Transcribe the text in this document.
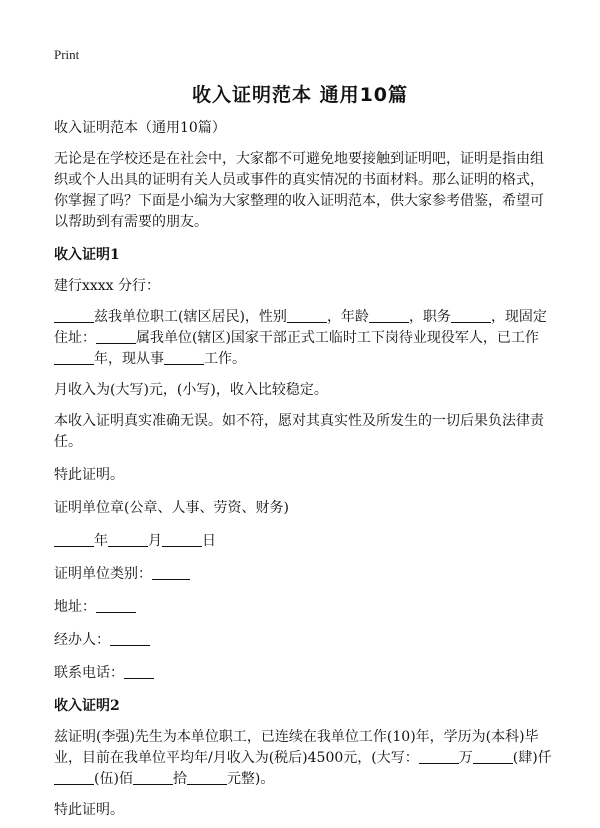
Print
收入证明范本 通用10篇

收入证明范本（通用10篇）

无论是在学校还是在社会中，大家都不可避免地要接触到证明吧，证明是指由组织或个人出具的证明有关人员或事件的真实情况的书面材料。那么证明的格式，你掌握了吗？下面是小编为大家整理的收入证明范本，供大家参考借鉴，希望可以帮助到有需要的朋友。

收入证明1

建行xxxx 分行：

兹我单位职工(辖区居民)，性别	，年龄	，职务	，现固定住址：	属我单位(辖区)国家干部正式工临时工下岗待业现役军人，已工作年，现从事	工作。

月收入为(大写)元，(小写)，收入比较稳定。

本收入证明真实准确无误。如不符，愿对其真实性及所发生的一切后果负法律责任。

特此证明。

证明单位章(公章、人事、劳资、财务)

年	月	日

证明单位类别：

地址：

经办人：

联系电话：

收入证明2

兹证明(李强)先生为本单位职工，已连续在我单位工作(10)年，学历为(本科)毕业，目前在我单位平均年/月收入为(税后)4500元，(大写：	万	(肆)仟(伍)佰	拾	元整)。

特此证明。
